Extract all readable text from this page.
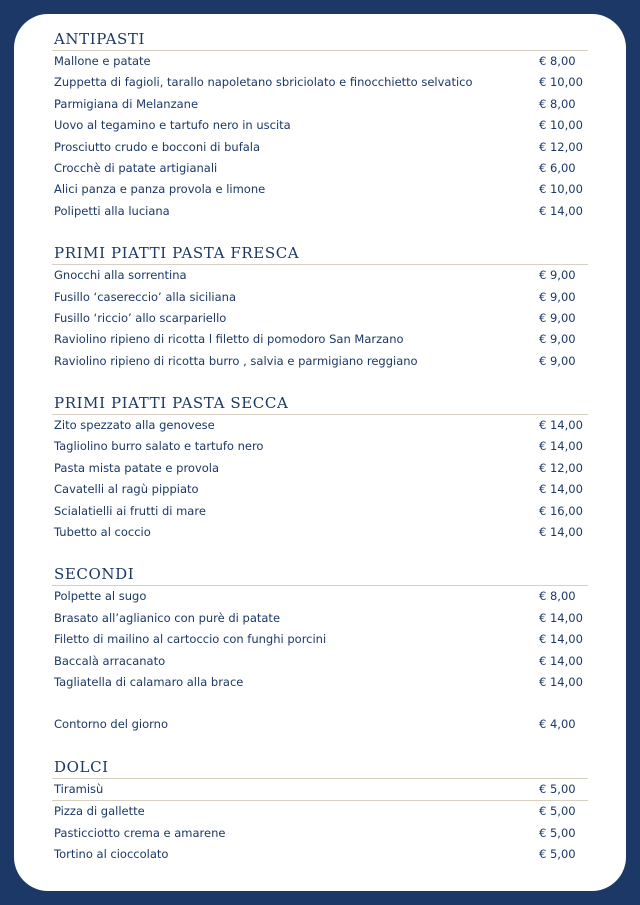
ANTIPASTI
Mallone e patate	€ 8,00
Zuppetta di fagioli, tarallo napoletano sbriciolato e finocchietto selvatico	€ 10,00
Parmigiana di Melanzane	€ 8,00
Uovo al tegamino e tartufo nero in uscita	€ 10,00
Prosciutto crudo e bocconi di bufala	€ 12,00
Crocchè di patate artigianali	€ 6,00
Alici panza e panza provola e limone	€ 10,00
Polipetti alla luciana	€ 14,00
PRIMI PIATTI PASTA FRESCA
Gnocchi alla sorrentina	€ 9,00
Fusillo ‘casereccio’ alla siciliana	€ 9,00
Fusillo ‘riccio’ allo scarpariello	€ 9,00
Raviolino ripieno di ricotta l filetto di pomodoro San Marzano	€ 9,00
Raviolino ripieno di ricotta burro , salvia e parmigiano reggiano	€ 9,00
PRIMI PIATTI PASTA SECCA
Zito spezzato alla genovese	€ 14,00
Tagliolino burro salato e tartufo nero	€ 14,00
Pasta mista patate e provola	€ 12,00
Cavatelli al ragù pippiato	€ 14,00
Scialatielli ai frutti di mare	€ 16,00
Tubetto al coccio	€ 14,00
SECONDI
Polpette al sugo	€ 8,00
Brasato all’aglianico con purè di patate	€ 14,00
Filetto di mailino al cartoccio con funghi porcini	€ 14,00
Baccalà arracanato	€ 14,00
Tagliatella di calamaro alla brace	€ 14,00
Contorno del giorno	€ 4,00
DOLCI
Tiramisù	€ 5,00
Pizza di gallette	€ 5,00
Pasticciotto crema e amarene	€ 5,00
Tortino al cioccolato	€ 5,00
